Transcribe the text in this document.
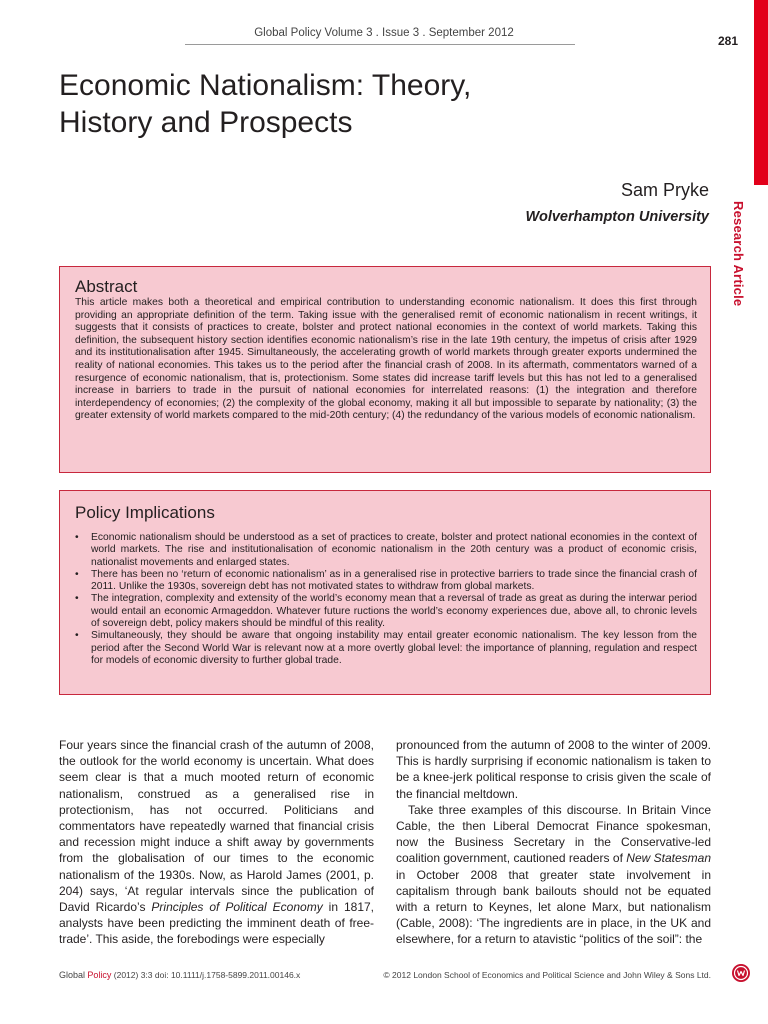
Global Policy Volume 3 . Issue 3 . September 2012
281
Research Article
Economic Nationalism: Theory,
History and Prospects
Sam Pryke
Wolverhampton University
Abstract

This article makes both a theoretical and empirical contribution to understanding economic nationalism. It does this first through providing an appropriate definition of the term. Taking issue with the generalised remit of economic nationalism in recent writings, it suggests that it consists of practices to create, bolster and protect national economies in the context of world markets. Taking this definition, the subsequent history section identifies economic nationalism’s rise in the late 19th century, the impetus of crisis after 1929 and its institutionalisation after 1945. Simultaneously, the accelerating growth of world markets through greater exports undermined the reality of national economies. This takes us to the period after the financial crash of 2008. In its aftermath, commentators warned of a resurgence of economic nationalism, that is, protectionism. Some states did increase tariff levels but this has not led to a generalised increase in barriers to trade in the pursuit of national economies for interrelated reasons: (1) the integration and therefore interdependency of economies; (2) the complexity of the global economy, making it all but impossible to separate by nationality; (3) the greater extensity of world markets compared to the mid-20th century; (4) the redundancy of the various models of economic nationalism.

Policy Implications
• Economic nationalism should be understood as a set of practices to create, bolster and protect national economies in the context of world markets. The rise and institutionalisation of economic nationalism in the 20th century was a product of economic crisis, nationalist movements and enlarged states.
• There has been no ‘return of economic nationalism’ as in a generalised rise in protective barriers to trade since the financial crash of 2011. Unlike the 1930s, sovereign debt has not motivated states to withdraw from global markets.
• The integration, complexity and extensity of the world’s economy mean that a reversal of trade as great as during the interwar period would entail an economic Armageddon. Whatever future ructions the world’s economy experiences due, above all, to chronic levels of sovereign debt, policy makers should be mindful of this reality.
• Simultaneously, they should be aware that ongoing instability may entail greater economic nationalism. The key lesson from the period after the Second World War is relevant now at a more overtly global level: the importance of planning, regulation and respect for models of economic diversity to further global trade.

Four years since the financial crash of the autumn of 2008, the outlook for the world economy is uncertain. What does seem clear is that a much mooted return of economic nationalism, construed as a generalised rise in protectionism, has not occurred. Politicians and commentators have repeatedly warned that financial crisis and recession might induce a shift away by governments from the globalisation of our times to the economic nationalism of the 1930s. Now, as Harold James (2001, p. 204) says, ‘At regular intervals since the publication of David Ricardo’s Principles of Political Economy in 1817, analysts have been predicting the imminent death of free-trade’. This aside, the forebodings were especially

pronounced from the autumn of 2008 to the winter of 2009. This is hardly surprising if economic nationalism is taken to be a knee-jerk political response to crisis given the scale of the financial meltdown.

Take three examples of this discourse. In Britain Vince Cable, the then Liberal Democrat Finance spokesman, now the Business Secretary in the Conservative-led coalition government, cautioned readers of New Statesman in October 2008 that greater state involvement in capitalism through bank bailouts should not be equated with a return to Keynes, let alone Marx, but nationalism (Cable, 2008): ‘The ingredients are in place, in the UK and elsewhere, for a return to atavistic “politics of the soil”: the

Global Policy (2012) 3:3 doi: 10.1111/j.1758-5899.2011.00146.x	© 2012 London School of Economics and Political Science and John Wiley & Sons Ltd.
